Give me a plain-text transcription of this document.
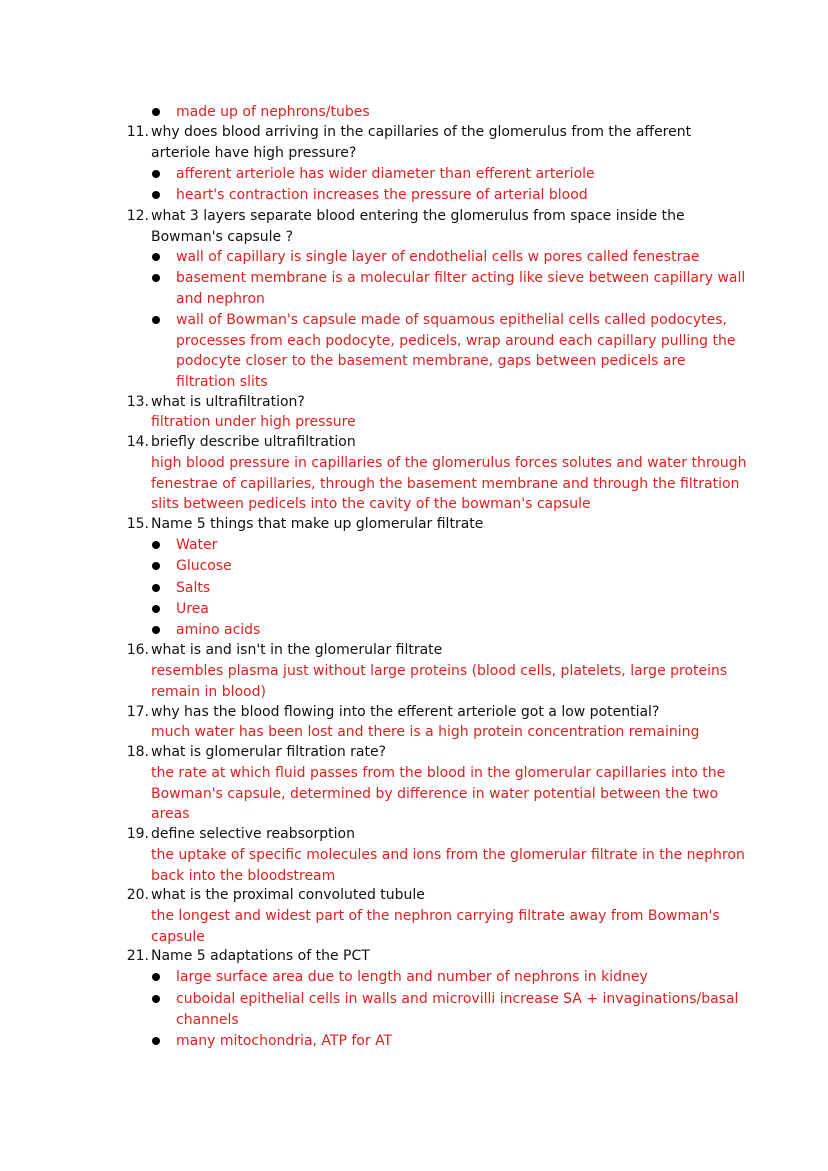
made up of nephrons/tubes
11. why does blood arriving in the capillaries of the glomerulus from the afferent
arteriole have high pressure?
afferent arteriole has wider diameter than efferent arteriole
heart's contraction increases the pressure of arterial blood
12. what 3 layers separate blood entering the glomerulus from space inside the
Bowman's capsule ?
wall of capillary is single layer of endothelial cells w pores called fenestrae
basement membrane is a molecular filter acting like sieve between capillary wall
and nephron
wall of Bowman's capsule made of squamous epithelial cells called podocytes,
processes from each podocyte, pedicels, wrap around each capillary pulling the
podocyte closer to the basement membrane, gaps between pedicels are
filtration slits
13. what is ultrafiltration?
filtration under high pressure
14. briefly describe ultrafiltration
high blood pressure in capillaries of the glomerulus forces solutes and water through
fenestrae of capillaries, through the basement membrane and through the filtration
slits between pedicels into the cavity of the bowman's capsule
15. Name 5 things that make up glomerular filtrate
Water
Glucose
Salts
Urea
amino acids
16. what is and isn't in the glomerular filtrate
resembles plasma just without large proteins (blood cells, platelets, large proteins
remain in blood)
17. why has the blood flowing into the efferent arteriole got a low potential?
much water has been lost and there is a high protein concentration remaining
18. what is glomerular filtration rate?
the rate at which fluid passes from the blood in the glomerular capillaries into the
Bowman's capsule, determined by difference in water potential between the two
areas
19. define selective reabsorption
the uptake of specific molecules and ions from the glomerular filtrate in the nephron
back into the bloodstream
20. what is the proximal convoluted tubule
the longest and widest part of the nephron carrying filtrate away from Bowman's
capsule
21. Name 5 adaptations of the PCT
large surface area due to length and number of nephrons in kidney
cuboidal epithelial cells in walls and microvilli increase SA + invaginations/basal
channels
many mitochondria, ATP for AT
